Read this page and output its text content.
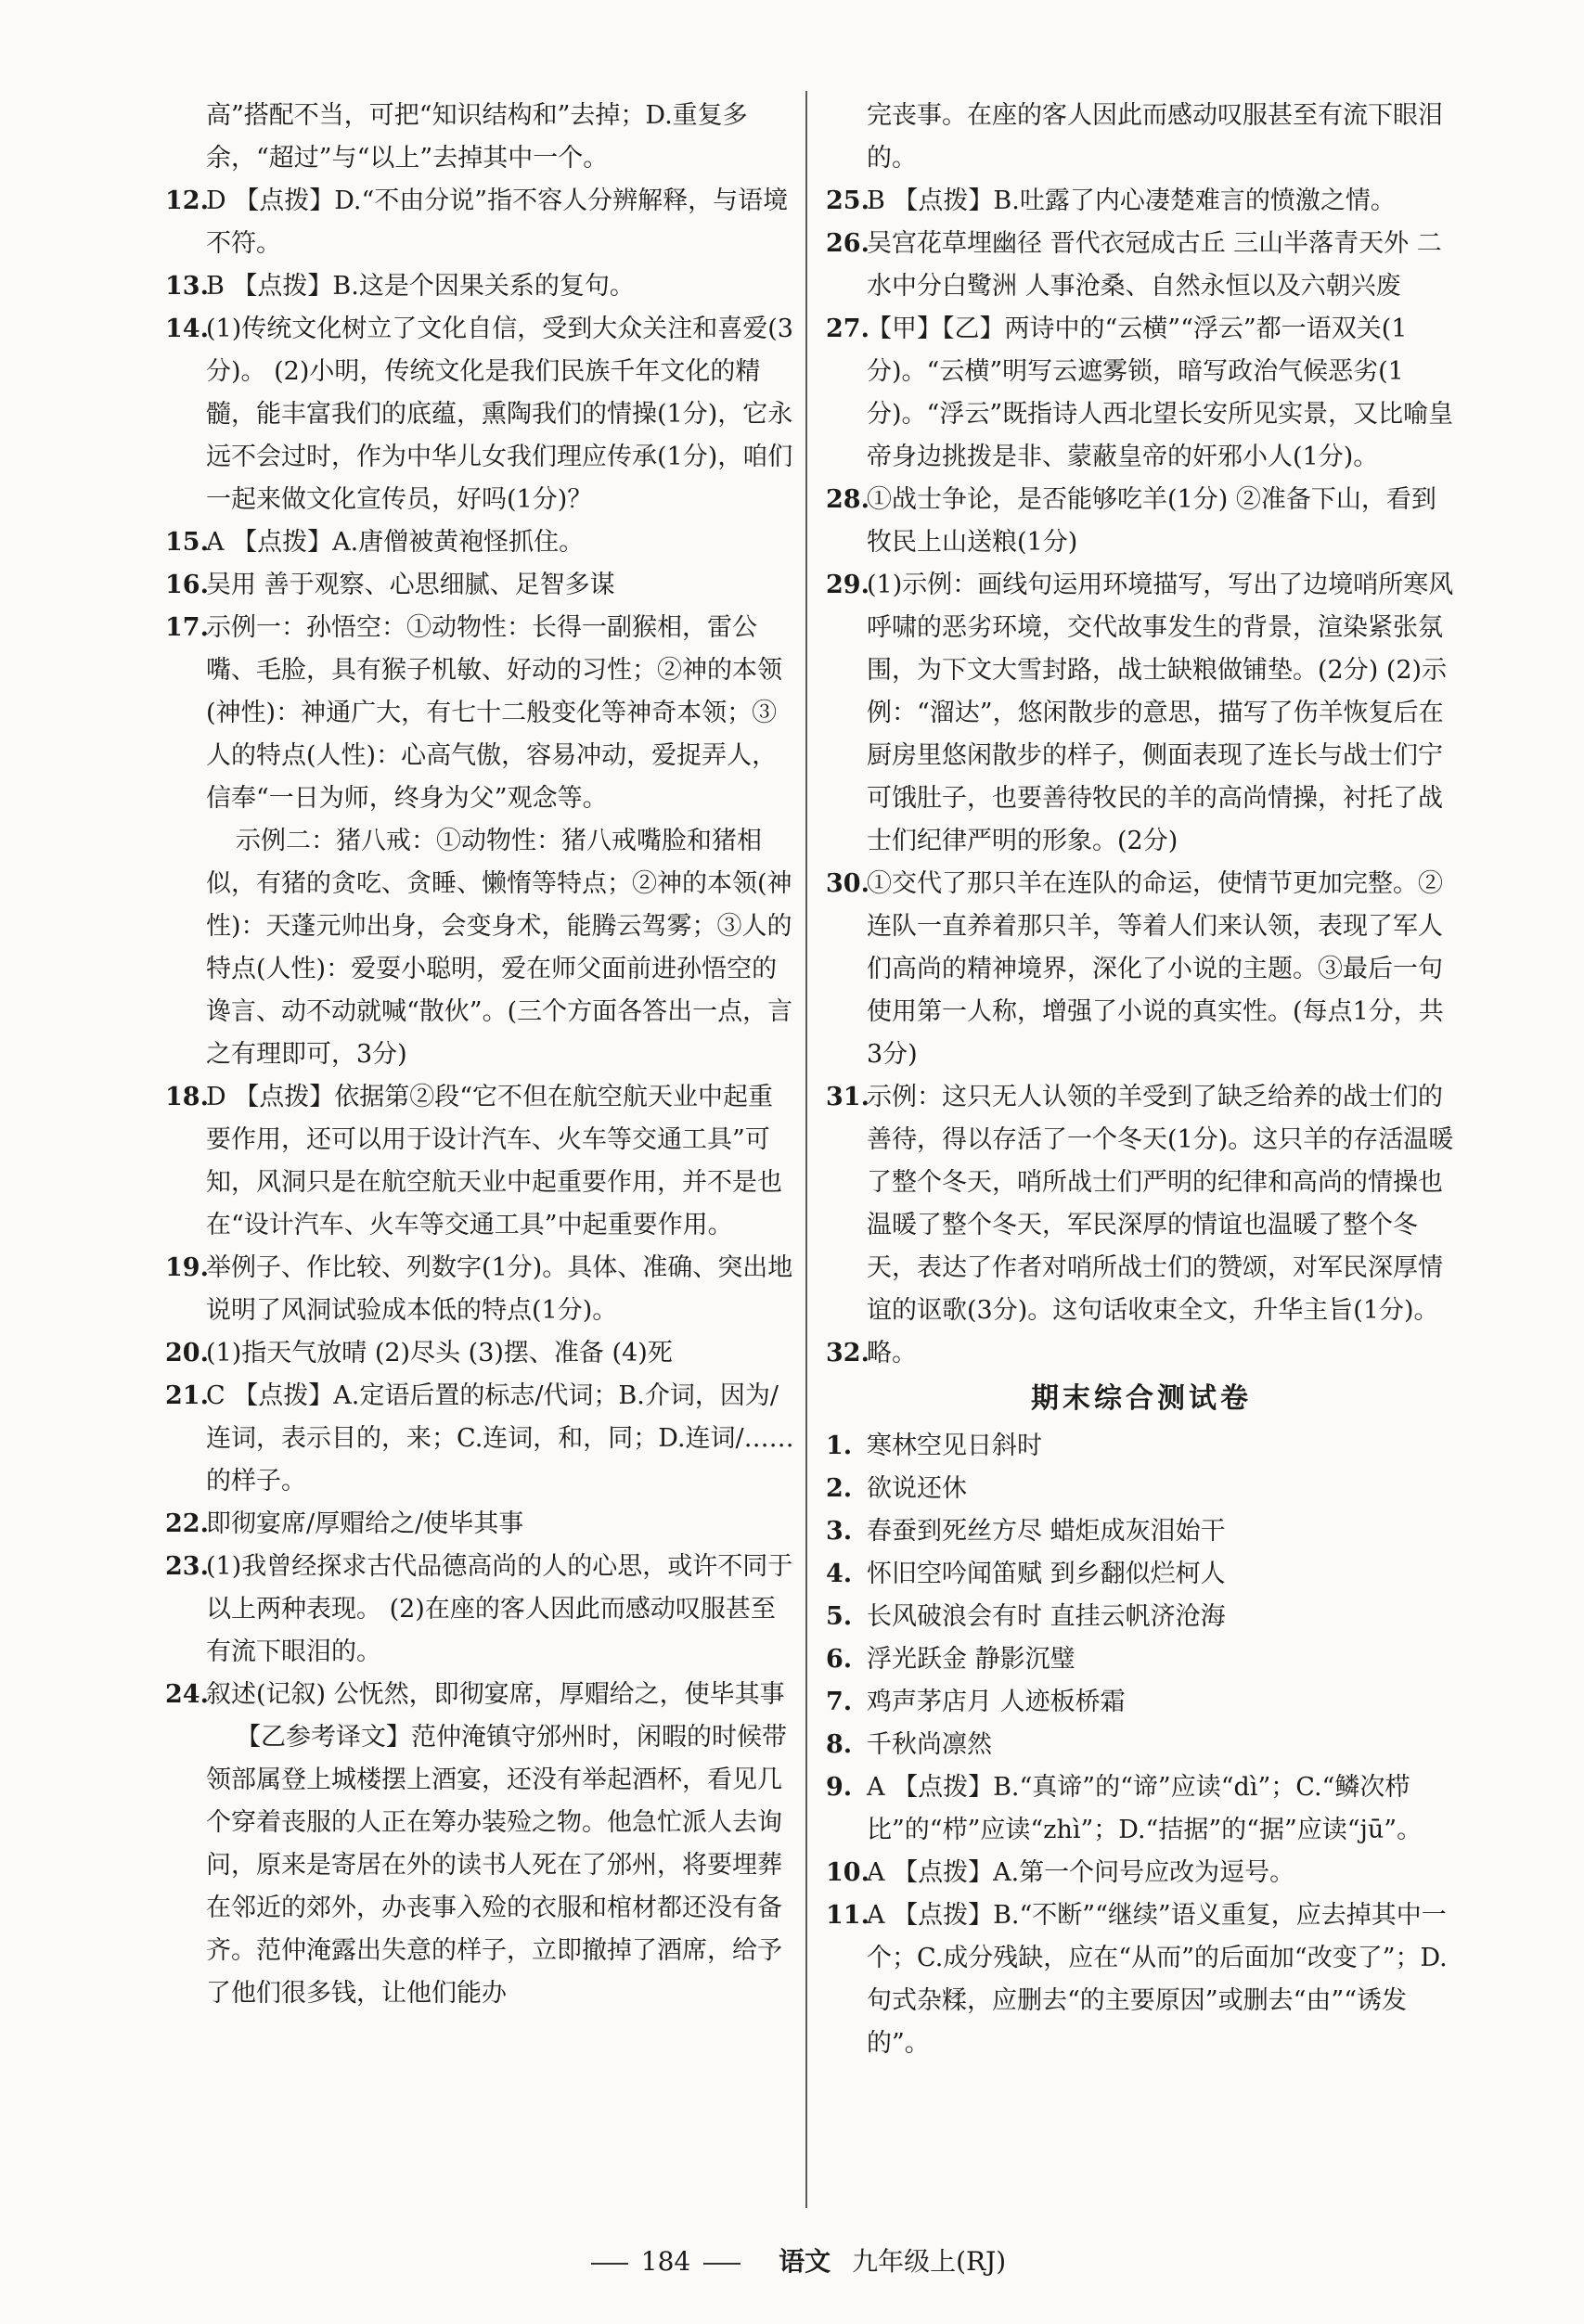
高”搭配不当，可把“知识结构和”去掉；D.重复多余，“超过”与“以上”去掉其中一个。

12.
D 【点拨】D.“不由分说”指不容人分辨解释，与语境不符。

13.
B 【点拨】B.这是个因果关系的复句。

14.
(1)传统文化树立了文化自信，受到大众关注和喜爱(3分)。 (2)小明，传统文化是我们民族千年文化的精髓，能丰富我们的底蕴，熏陶我们的情操(1分)，它永远不会过时，作为中华儿女我们理应传承(1分)，咱们一起来做文化宣传员，好吗(1分)？

15.
A 【点拨】A.唐僧被黄袍怪抓住。

16.
吴用 善于观察、心思细腻、足智多谋

17.
示例一：孙悟空：①动物性：长得一副猴相，雷公嘴、毛脸，具有猴子机敏、好动的习性；②神的本领(神性)：神通广大，有七十二般变化等神奇本领；③人的特点(人性)：心高气傲，容易冲动，爱捉弄人，信奉“一日为师，终身为父”观念等。

示例二：猪八戒：①动物性：猪八戒嘴脸和猪相似，有猪的贪吃、贪睡、懒惰等特点；②神的本领(神性)：天蓬元帅出身，会变身术，能腾云驾雾；③人的特点(人性)：爱耍小聪明，爱在师父面前进孙悟空的谗言、动不动就喊“散伙”。(三个方面各答出一点，言之有理即可，3分)

18.
D 【点拨】依据第②段“它不但在航空航天业中起重要作用，还可以用于设计汽车、火车等交通工具”可知，风洞只是在航空航天业中起重要作用，并不是也在“设计汽车、火车等交通工具”中起重要作用。

19.
举例子、作比较、列数字(1分)。具体、准确、突出地说明了风洞试验成本低的特点(1分)。

20.
(1)指天气放晴 (2)尽头 (3)摆、准备 (4)死

21.
C 【点拨】A.定语后置的标志/代词；B.介词，因为/连词，表示目的，来；C.连词，和，同；D.连词/……的样子。

22.
即彻宴席/厚赗给之/使毕其事

23.
(1)我曾经探求古代品德高尚的人的心思，或许不同于以上两种表现。 (2)在座的客人因此而感动叹服甚至有流下眼泪的。

24.
叙述(记叙) 公怃然，即彻宴席，厚赗给之，使毕其事

【乙参考译文】范仲淹镇守邠州时，闲暇的时候带领部属登上城楼摆上酒宴，还没有举起酒杯，看见几个穿着丧服的人正在筹办装殓之物。他急忙派人去询问，原来是寄居在外的读书人死在了邠州，将要埋葬在邻近的郊外，办丧事入殓的衣服和棺材都还没有备齐。范仲淹露出失意的样子，立即撤掉了酒席，给予了他们很多钱，让他们能办

完丧事。在座的客人因此而感动叹服甚至有流下眼泪的。

25.
B 【点拨】B.吐露了内心凄楚难言的愤激之情。

26.
吴宫花草埋幽径 晋代衣冠成古丘 三山半落青天外 二水中分白鹭洲 人事沧桑、自然永恒以及六朝兴废

27.
【甲】【乙】两诗中的“云横”“浮云”都一语双关(1分)。“云横”明写云遮雾锁，暗写政治气候恶劣(1分)。“浮云”既指诗人西北望长安所见实景，又比喻皇帝身边挑拨是非、蒙蔽皇帝的奸邪小人(1分)。

28.
①战士争论，是否能够吃羊(1分) ②准备下山，看到牧民上山送粮(1分)

29.
(1)示例：画线句运用环境描写，写出了边境哨所寒风呼啸的恶劣环境，交代故事发生的背景，渲染紧张氛围，为下文大雪封路，战士缺粮做铺垫。(2分) (2)示例：“溜达”，悠闲散步的意思，描写了伤羊恢复后在厨房里悠闲散步的样子，侧面表现了连长与战士们宁可饿肚子，也要善待牧民的羊的高尚情操，衬托了战士们纪律严明的形象。(2分)

30.
①交代了那只羊在连队的命运，使情节更加完整。②连队一直养着那只羊，等着人们来认领，表现了军人们高尚的精神境界，深化了小说的主题。③最后一句使用第一人称，增强了小说的真实性。(每点1分，共3分)

31.
示例：这只无人认领的羊受到了缺乏给养的战士们的善待，得以存活了一个冬天(1分)。这只羊的存活温暖了整个冬天，哨所战士们严明的纪律和高尚的情操也温暖了整个冬天，军民深厚的情谊也温暖了整个冬天，表达了作者对哨所战士们的赞颂，对军民深厚情谊的讴歌(3分)。这句话收束全文，升华主旨(1分)。

32.
略。

期末综合测试卷

1. 寒林空见日斜时

2. 欲说还休

3. 春蚕到死丝方尽 蜡炬成灰泪始干

4. 怀旧空吟闻笛赋 到乡翻似烂柯人

5. 长风破浪会有时 直挂云帆济沧海

6. 浮光跃金 静影沉璧

7. 鸡声茅店月 人迹板桥霜

8. 千秋尚凛然

9. A 【点拨】B.“真谛”的“谛”应读“dì”；C.“鳞次栉比”的“栉”应读“zhì”；D.“拮据”的“据”应读“jū”。

10.
A 【点拨】A.第一个问号应改为逗号。

11.
A 【点拨】B.“不断”“继续”语义重复，应去掉其中一个；C.成分残缺，应在“从而”的后面加“改变了”；D.句式杂糅，应删去“的主要原因”或删去“由”“诱发的”。

184	语文 九年级上(RJ)
